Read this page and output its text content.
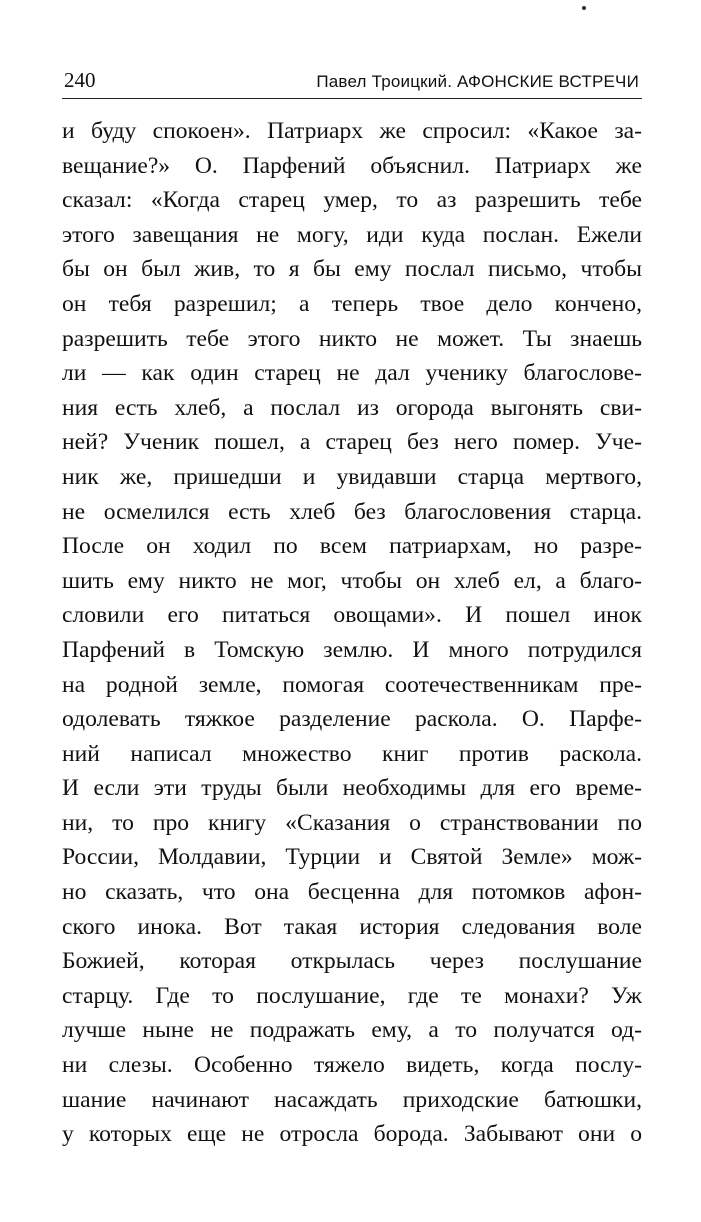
240	Павел Троицкий. АФОНСКИЕ ВСТРЕЧИ
и буду спокоен». Патриарх же спросил: «Какое за-
вещание?» О. Парфений объяснил. Патриарх же
сказал: «Когда старец умер, то аз разрешить тебе
этого завещания не могу, иди куда послан. Ежели
бы он был жив, то я бы ему послал письмо, чтобы
он тебя разрешил; а теперь твое дело кончено,
разрешить тебе этого никто не может. Ты знаешь
ли — как один старец не дал ученику благослове-
ния есть хлеб, а послал из огорода выгонять сви-
ней? Ученик пошел, а старец без него помер. Уче-
ник же, пришедши и увидавши старца мертвого,
не осмелился есть хлеб без благословения старца.
После он ходил по всем патриархам, но разре-
шить ему никто не мог, чтобы он хлеб ел, а благо-
словили его питаться овощами». И пошел инок
Парфений в Томскую землю. И много потрудился
на родной земле, помогая соотечественникам пре-
одолевать тяжкое разделение раскола. О. Парфе-
ний написал множество книг против раскола.
И если эти труды были необходимы для его време-
ни, то про книгу «Сказания о странствовании по
России, Молдавии, Турции и Святой Земле» мож-
но сказать, что она бесценна для потомков афон-
ского инока. Вот такая история следования воле
Божией, которая открылась через послушание
старцу. Где то послушание, где те монахи? Уж
лучше ныне не подражать ему, а то получатся од-
ни слезы. Особенно тяжело видеть, когда послу-
шание начинают насаждать приходские батюшки,
у которых еще не отросла борода. Забывают они о
